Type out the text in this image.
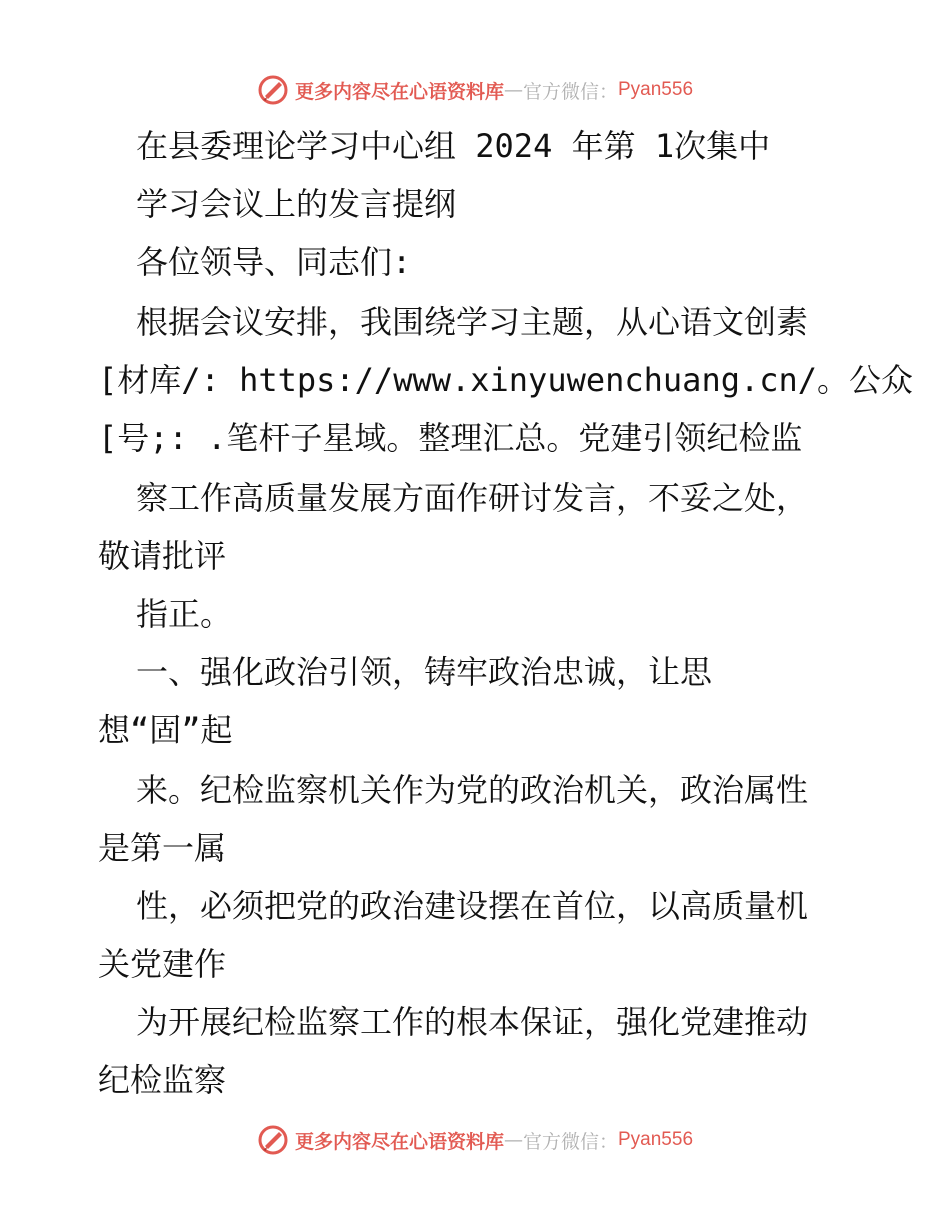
更多内容尽在心语资料库 — 官方微信： Pyan556
在县委理论学习中心组 2024 年第 1次集中
学习会议上的发言提纲
各位领导、同志们:
根据会议安排，我围绕学习主题，从心语文创素
[材库/: https://www.xinyuwenchuang.cn/。公众
[号;: .笔杆子星域。整理汇总。党建引领纪检监
察工作高质量发展方面作研讨发言，不妥之处，
敬请批评
指正。
一、强化政治引领，铸牢政治忠诚，让思
想“固”起
来。纪检监察机关作为党的政治机关，政治属性
是第一属
性，必须把党的政治建设摆在首位，以高质量机
关党建作
为开展纪检监察工作的根本保证，强化党建推动
纪检监察
更多内容尽在心语资料库 — 官方微信： Pyan556
